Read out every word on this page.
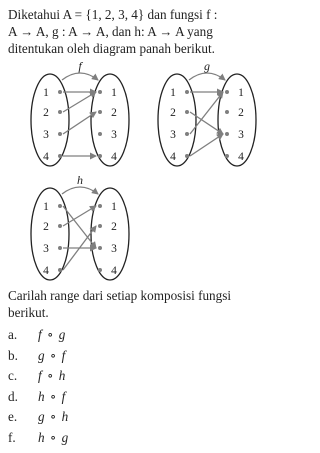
Diketahui A = {1, 2, 3, 4} dan fungsi f :
A → A, g : A → A, dan h: A → A yang
ditentukan oleh diagram panah berikut.
f
1
2
3
4
1
2
3
4
g
1
2
3
4
1
2
3
4
h
1
2
3
4
1
2
3
4
Carilah range dari setiap komposisi fungsi
berikut.
a.	f ∘ g
b.	g ∘ f
c.	f ∘ h
d.	h ∘ f
e.	g ∘ h
f.	h ∘ g
